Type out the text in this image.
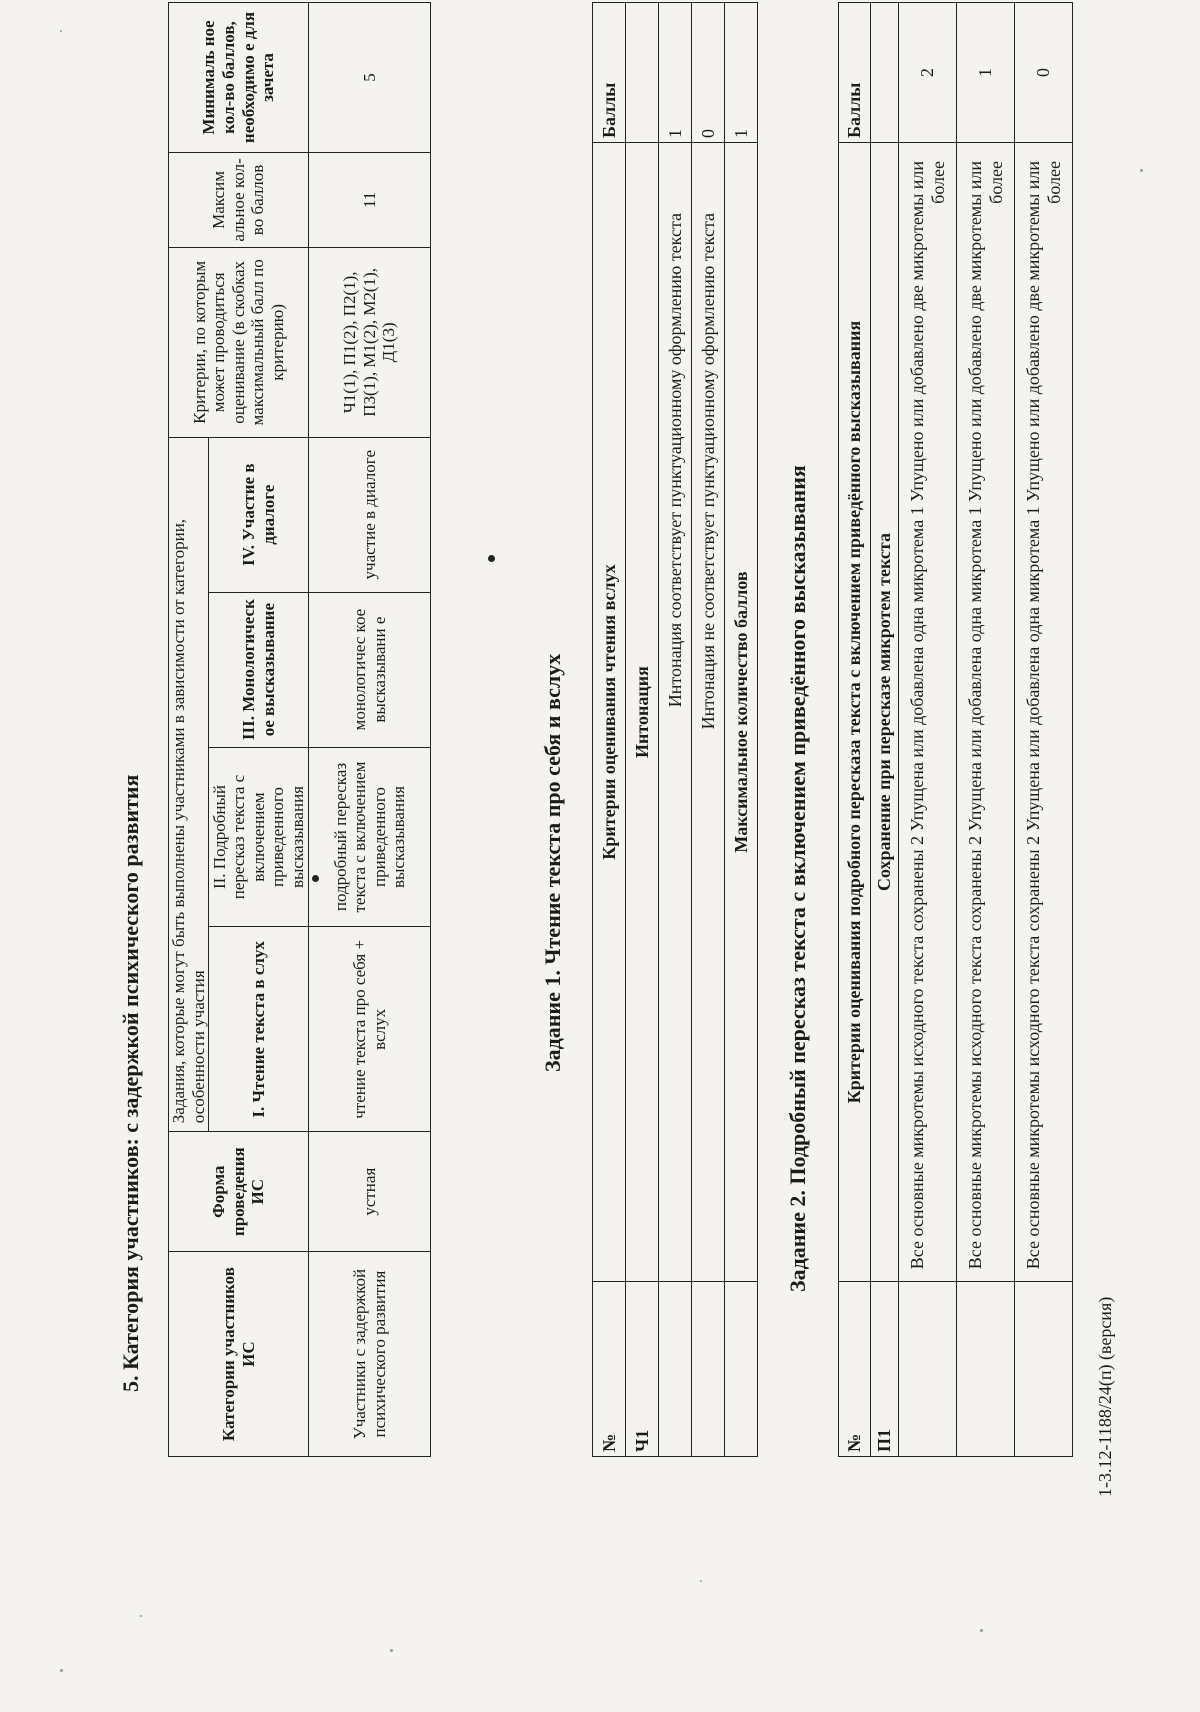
5. Категория участников: с задержкой психического развития	Категории участников ИС	Форма проведения ИС	Задания, которые могут быть выполнены участниками в зависимости от категории, особенности участия				Критерии, по которым может проводиться оценивание (в скобках максимальный балл по критерию)	Максим альное кол-во баллов	Минималь ное кол-во баллов, необходимо е для зачета
		I. Чтение текста в слух	II. Подробный пересказ текста с включением приведенного высказывания	III. Монологическ ое высказывание	IV. Участие в диалоге			
Участники с задержкой психического развития	устная	чтение текста про себя + вслух	подробный пересказ текста с включением приведенного высказывания	монологичес кое высказывани е	участие в диалоге	Ч1(1), П1(2), П2(1), П3(1), М1(2), М2(1), Д1(3)	11	5
Задание 1. Чтение текста про себя и вслух
№	Критерии оценивания чтения вслух	Баллы
Ч1	Интонация	
	Интонация соответствует пунктуационному оформлению текста	1
	Интонация не соответствует пунктуационному оформлению текста	0
	Максимальное количество баллов	1
Задание 2. Подробный пересказ текста с включением приведённого высказывания
№	Критерии оценивания подробного пересказа текста с включением приведённого высказывания	Баллы
П1	Сохранение при пересказе микротем текста	
	Все основные микротемы исходного текста сохранены 2 Упущена или добавлена одна микротема 1 Упущено или добавлено две микротемы или более	2
	Все основные микротемы исходного текста сохранены 2 Упущена или добавлена одна микротема 1 Упущено или добавлено две микротемы или более	1
	Все основные микротемы исходного текста сохранены 2 Упущена или добавлена одна микротема 1 Упущено или добавлено две микротемы или более	0
1-3.12-1188/24(п) (версия)
